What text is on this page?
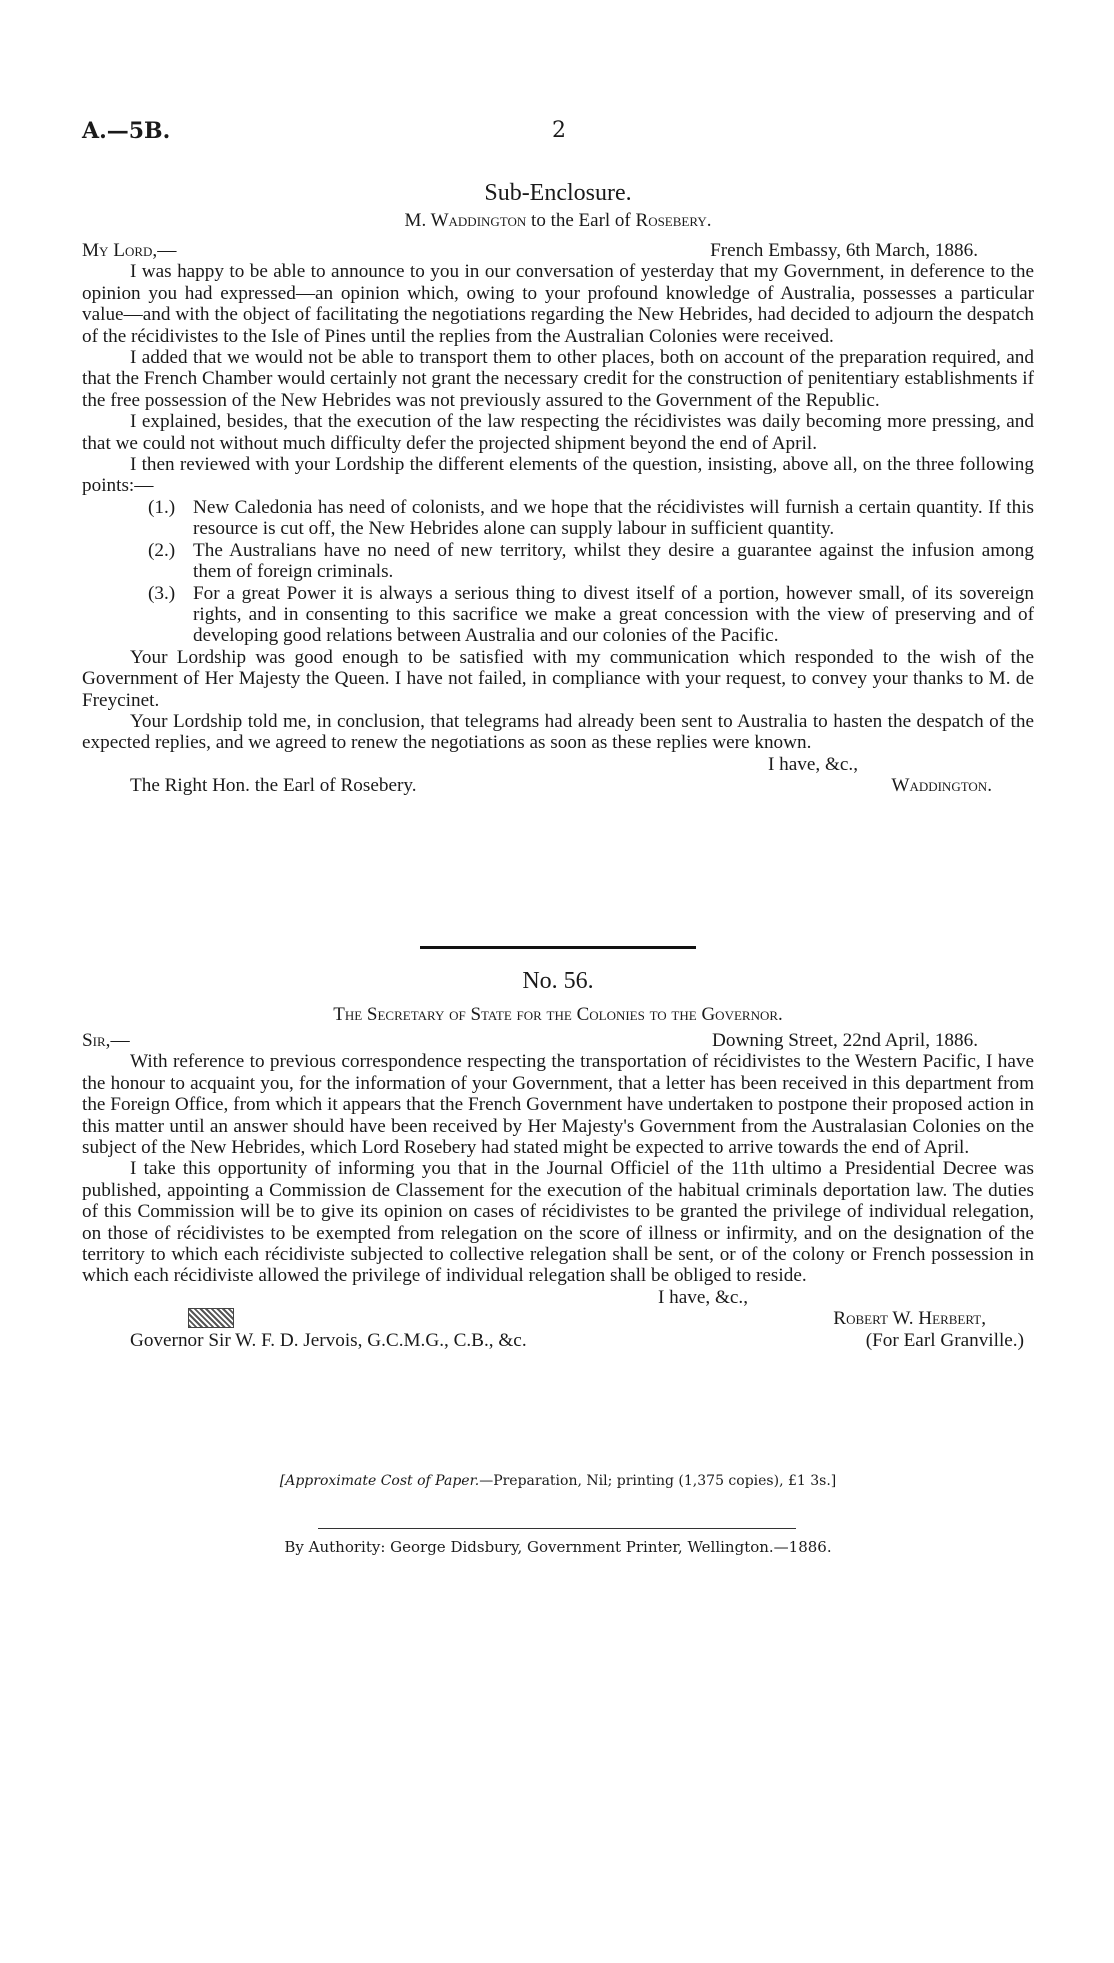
A.—5B.	2
Sub-Enclosure.
M. Waddington to the Earl of Rosebery.
My Lord,—	French Embassy, 6th March, 1886.

I was happy to be able to announce to you in our conversation of yesterday that my Government, in deference to the opinion you had expressed—an opinion which, owing to your profound knowledge of Australia, possesses a particular value—and with the object of facilitating the negotiations regarding the New Hebrides, had decided to adjourn the despatch of the récidivistes to the Isle of Pines until the replies from the Australian Colonies were received.

I added that we would not be able to transport them to other places, both on account of the preparation required, and that the French Chamber would certainly not grant the necessary credit for the construction of penitentiary establishments if the free possession of the New Hebrides was not previously assured to the Government of the Republic.

I explained, besides, that the execution of the law respecting the récidivistes was daily becoming more pressing, and that we could not without much difficulty defer the projected shipment beyond the end of April.

I then reviewed with your Lordship the different elements of the question, insisting, above all, on the three following points:—

(1.) New Caledonia has need of colonists, and we hope that the récidivistes will furnish a certain quantity. If this resource is cut off, the New Hebrides alone can supply labour in sufficient quantity.
(2.) The Australians have no need of new territory, whilst they desire a guarantee against the infusion among them of foreign criminals.
(3.) For a great Power it is always a serious thing to divest itself of a portion, however small, of its sovereign rights, and in consenting to this sacrifice we make a great concession with the view of preserving and of developing good relations between Australia and our colonies of the Pacific.

Your Lordship was good enough to be satisfied with my communication which responded to the wish of the Government of Her Majesty the Queen. I have not failed, in compliance with your request, to convey your thanks to M. de Freycinet.

Your Lordship told me, in conclusion, that telegrams had already been sent to Australia to hasten the despatch of the expected replies, and we agreed to renew the negotiations as soon as these replies were known.

I have, &c.,
The Right Hon. the Earl of Rosebery.	Waddington.
No. 56.
The Secretary of State for the Colonies to the Governor.
Sir,—	Downing Street, 22nd April, 1886.

With reference to previous correspondence respecting the transportation of récidivistes to the Western Pacific, I have the honour to acquaint you, for the information of your Government, that a letter has been received in this department from the Foreign Office, from which it appears that the French Government have undertaken to postpone their proposed action in this matter until an answer should have been received by Her Majesty's Government from the Australasian Colonies on the subject of the New Hebrides, which Lord Rosebery had stated might be expected to arrive towards the end of April.

I take this opportunity of informing you that in the Journal Officiel of the 11th ultimo a Presidential Decree was published, appointing a Commission de Classement for the execution of the habitual criminals deportation law. The duties of this Commission will be to give its opinion on cases of récidivistes to be granted the privilege of individual relegation, on those of récidivistes to be exempted from relegation on the score of illness or infirmity, and on the designation of the territory to which each récidiviste subjected to collective relegation shall be sent, or of the colony or French possession in which each récidiviste allowed the privilege of individual relegation shall be obliged to reside.

I have, &c.,
Robert W. Herbert,
Governor Sir W. F. D. Jervois, G.C.M.G., C.B., &c.	(For Earl Granville.)
[Approximate Cost of Paper.—Preparation, Nil; printing (1,375 copies), £1 3s.]
By Authority: George Didsbury, Government Printer, Wellington.—1886.
